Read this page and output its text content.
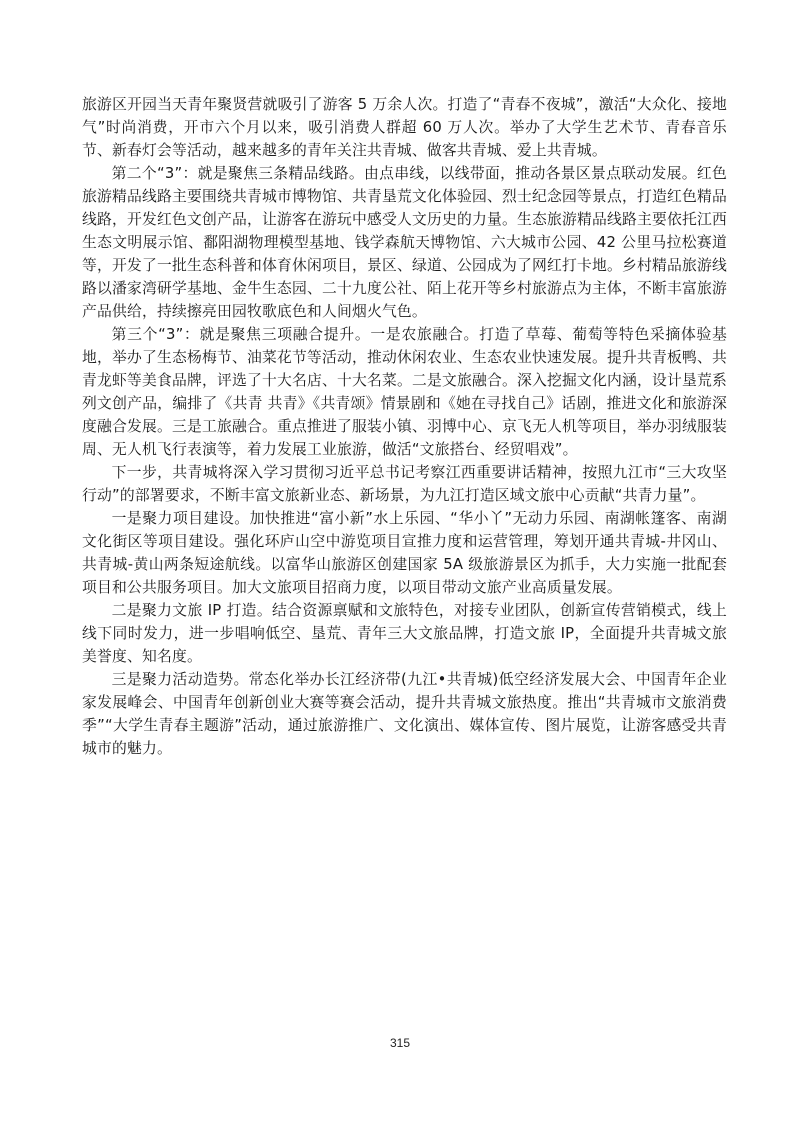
旅游区开园当天青年聚贤营就吸引了游客 5 万余人次。打造了“青春不夜城”，激活“大众化、接地气”时尚消费，开市六个月以来，吸引消费人群超 60 万人次。举办了大学生艺术节、青春音乐节、新春灯会等活动，越来越多的青年关注共青城、做客共青城、爱上共青城。

第二个“3”：就是聚焦三条精品线路。由点串线，以线带面，推动各景区景点联动发展。红色旅游精品线路主要围绕共青城市博物馆、共青垦荒文化体验园、烈士纪念园等景点，打造红色精品线路，开发红色文创产品，让游客在游玩中感受人文历史的力量。生态旅游精品线路主要依托江西生态文明展示馆、鄱阳湖物理模型基地、钱学森航天博物馆、六大城市公园、42 公里马拉松赛道等，开发了一批生态科普和体育休闲项目，景区、绿道、公园成为了网红打卡地。乡村精品旅游线路以潘家湾研学基地、金牛生态园、二十九度公社、陌上花开等乡村旅游点为主体，不断丰富旅游产品供给，持续擦亮田园牧歌底色和人间烟火气色。

第三个“3”：就是聚焦三项融合提升。一是农旅融合。打造了草莓、葡萄等特色采摘体验基地，举办了生态杨梅节、油菜花节等活动，推动休闲农业、生态农业快速发展。提升共青板鸭、共青龙虾等美食品牌，评选了十大名店、十大名菜。二是文旅融合。深入挖掘文化内涵，设计垦荒系列文创产品，编排了《共青 共青》《共青颂》情景剧和《她在寻找自己》话剧，推进文化和旅游深度融合发展。三是工旅融合。重点推进了服装小镇、羽博中心、京飞无人机等项目，举办羽绒服装周、无人机飞行表演等，着力发展工业旅游，做活“文旅搭台、经贸唱戏”。

下一步，共青城将深入学习贯彻习近平总书记考察江西重要讲话精神，按照九江市“三大攻坚行动”的部署要求，不断丰富文旅新业态、新场景，为九江打造区域文旅中心贡献“共青力量”。

一是聚力项目建设。加快推进“富小新”水上乐园、“华小丫”无动力乐园、南湖帐篷客、南湖文化街区等项目建设。强化环庐山空中游览项目宣推力度和运营管理，筹划开通共青城-井冈山、共青城-黄山两条短途航线。以富华山旅游区创建国家 5A 级旅游景区为抓手，大力实施一批配套项目和公共服务项目。加大文旅项目招商力度，以项目带动文旅产业高质量发展。

二是聚力文旅 IP 打造。结合资源禀赋和文旅特色，对接专业团队，创新宣传营销模式，线上线下同时发力，进一步唱响低空、垦荒、青年三大文旅品牌，打造文旅 IP，全面提升共青城文旅美誉度、知名度。

三是聚力活动造势。常态化举办长江经济带(九江•共青城)低空经济发展大会、中国青年企业家发展峰会、中国青年创新创业大赛等赛会活动，提升共青城文旅热度。推出“共青城市文旅消费季”“大学生青春主题游”活动，通过旅游推广、文化演出、媒体宣传、图片展览，让游客感受共青城市的魅力。

315
